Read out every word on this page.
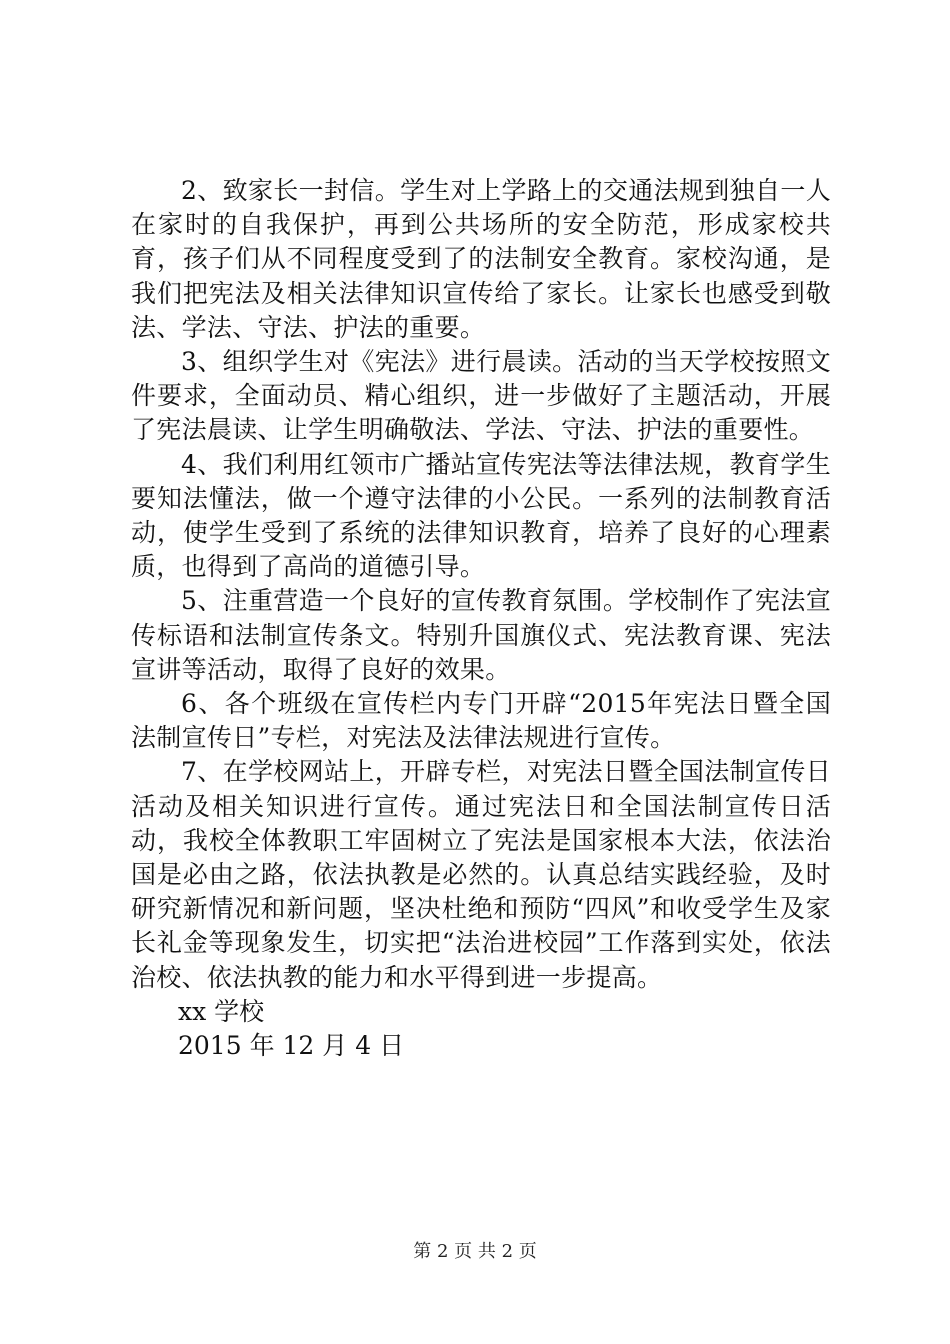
2、致家长一封信。学生对上学路上的交通法规到独自一人在家时的自我保护，再到公共场所的安全防范，形成家校共育，孩子们从不同程度受到了的法制安全教育。家校沟通，是我们把宪法及相关法律知识宣传给了家长。让家长也感受到敬法、学法、守法、护法的重要。

3、组织学生对《宪法》进行晨读。活动的当天学校按照文件要求，全面动员、精心组织，进一步做好了主题活动，开展了宪法晨读、让学生明确敬法、学法、守法、护法的重要性。

4、我们利用红领市广播站宣传宪法等法律法规，教育学生要知法懂法，做一个遵守法律的小公民。一系列的法制教育活动，使学生受到了系统的法律知识教育，培养了良好的心理素质，也得到了高尚的道德引导。

5、注重营造一个良好的宣传教育氛围。学校制作了宪法宣传标语和法制宣传条文。特别升国旗仪式、宪法教育课、宪法宣讲等活动，取得了良好的效果。

6、各个班级在宣传栏内专门开辟“2015年宪法日暨全国法制宣传日”专栏，对宪法及法律法规进行宣传。

7、在学校网站上，开辟专栏，对宪法日暨全国法制宣传日活动及相关知识进行宣传。通过宪法日和全国法制宣传日活动，我校全体教职工牢固树立了宪法是国家根本大法，依法治国是必由之路，依法执教是必然的。认真总结实践经验，及时研究新情况和新问题，坚决杜绝和预防“四风”和收受学生及家长礼金等现象发生，切实把“法治进校园”工作落到实处，依法治校、依法执教的能力和水平得到进一步提高。

xx 学校

2015 年 12 月 4 日

第 2 页 共 2 页
